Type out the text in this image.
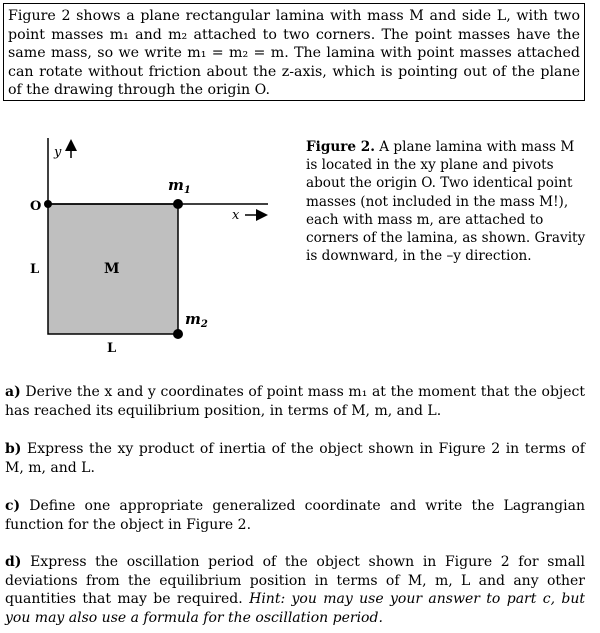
Figure 2 shows a plane rectangular lamina with mass M and side L, with two point masses m₁ and m₂ attached to two corners. The point masses have the same mass, so we write m₁ = m₂ = m. The lamina with point masses attached can rotate without friction about the z-axis, which is pointing out of the plane of the drawing through the origin O.
y
x
O
$m_1$
$m_2$
L	M
L
Figure 2. A plane lamina with mass M is located in the xy plane and pivots about the origin O. Two identical point masses (not included in the mass M!), each with mass m, are attached to corners of the lamina, as shown. Gravity is downward, in the –y direction.
a) Derive the x and y coordinates of point mass m₁ at the moment that the object has reached its equilibrium position, in terms of M, m, and L.
b) Express the xy product of inertia of the object shown in Figure 2 in terms of M, m, and L.
c) Define one appropriate generalized coordinate and write the Lagrangian function for the object in Figure 2.
d) Express the oscillation period of the object shown in Figure 2 for small deviations from the equilibrium position in terms of M, m, L and any other quantities that may be required. Hint: you may use your answer to part c, but you may also use a formula for the oscillation period.
